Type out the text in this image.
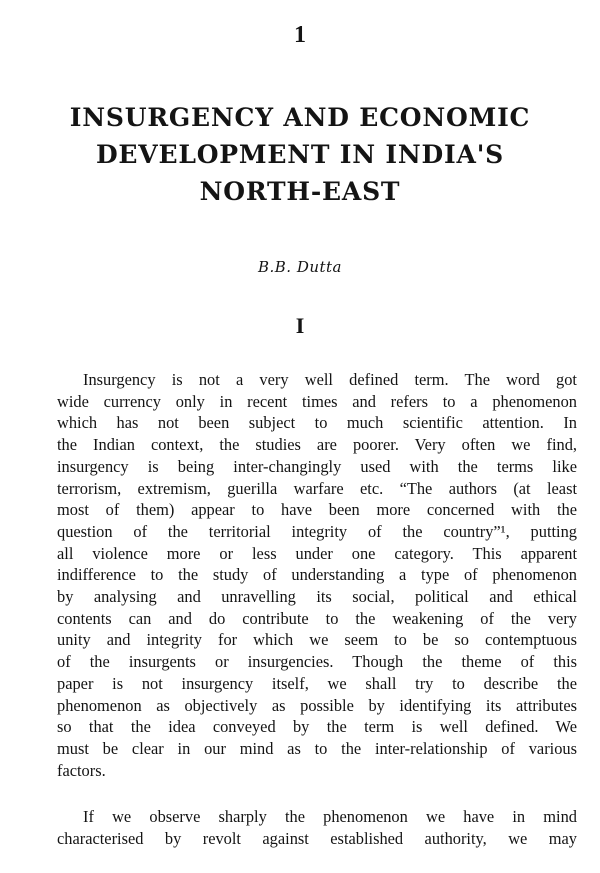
1
INSURGENCY AND ECONOMIC
DEVELOPMENT IN INDIA'S
NORTH-EAST
B.B. Dutta
I
Insurgency is not a very well defined term. The word got
wide currency only in recent times and refers to a phenomenon
which has not been subject to much scientific attention. In
the Indian context, the studies are poorer. Very often we find,
insurgency is being inter-changingly used with the terms like
terrorism, extremism, guerilla warfare etc. “The authors (at least
most of them) appear to have been more concerned with the
question of the territorial integrity of the country”¹, putting
all violence more or less under one category. This apparent
indifference to the study of understanding a type of phenomenon
by analysing and unravelling its social, political and ethical
contents can and do contribute to the weakening of the very
unity and integrity for which we seem to be so contemptuous
of the insurgents or insurgencies. Though the theme of this
paper is not insurgency itself, we shall try to describe the
phenomenon as objectively as possible by identifying its attributes
so that the idea conveyed by the term is well defined. We
must be clear in our mind as to the inter-relationship of various
factors.
If we observe sharply the phenomenon we have in mind
characterised by revolt against established authority, we may
